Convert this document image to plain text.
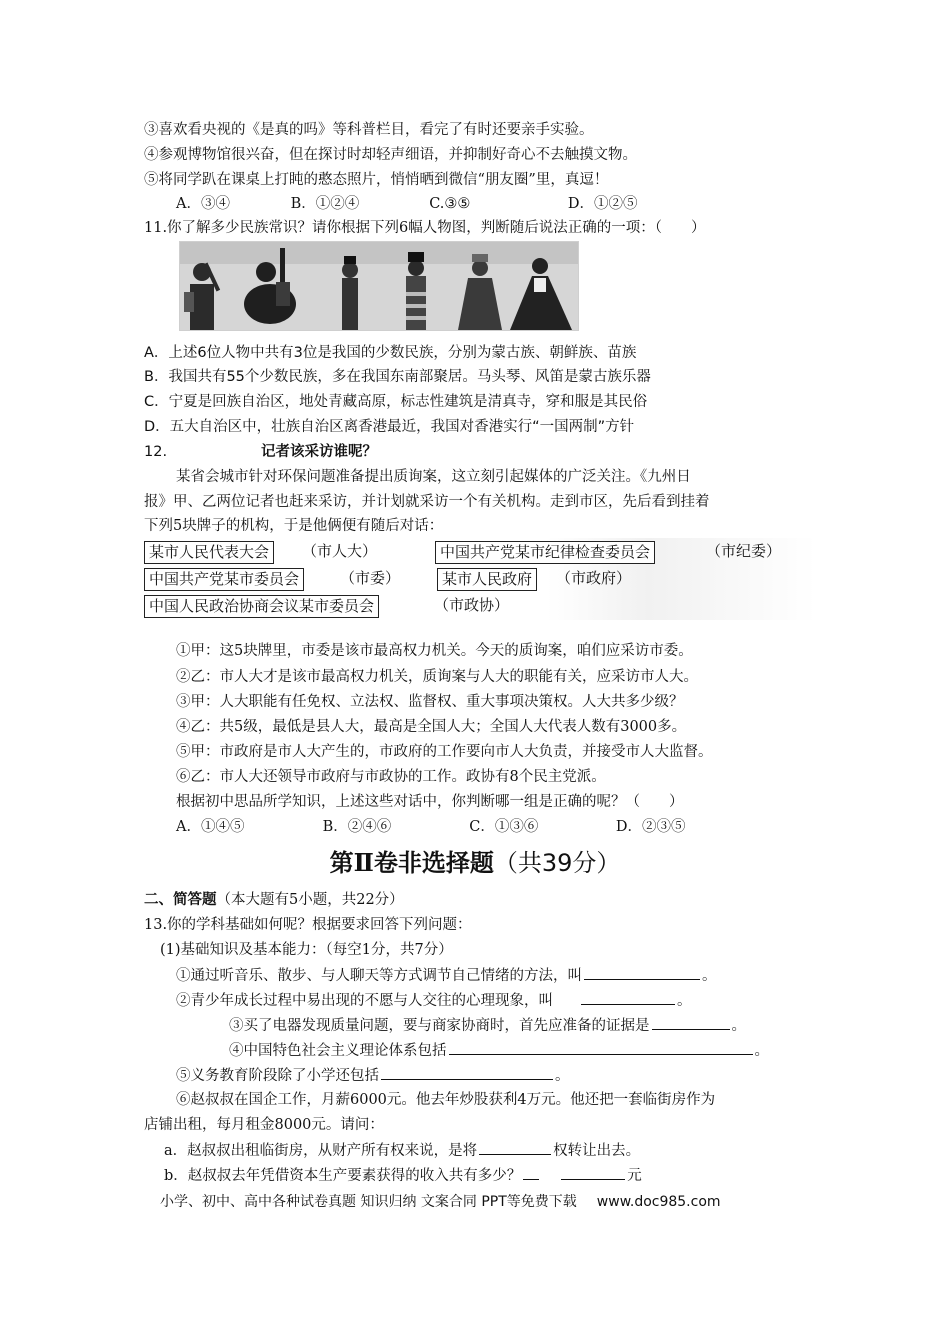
③喜欢看央视的《是真的吗》等科普栏目，看完了有时还要亲手实验。
④参观博物馆很兴奋，但在探讨时却轻声细语，并抑制好奇心不去触摸文物。
⑤将同学趴在课桌上打盹的憨态照片，悄悄晒到微信“朋友圈”里，真逗！
A．③④	B．①②④	C.③⑤	D．①②⑤
11.你了解多少民族常识？请你根据下列6幅人物图，判断随后说法正确的一项：（　　）
A．上述6位人物中共有3位是我国的少数民族，分别为蒙古族、朝鲜族、苗族
B．我国共有55个少数民族，多在我国东南部聚居。马头琴、风笛是蒙古族乐器
C．宁夏是回族自治区，地处青藏高原，标志性建筑是清真寺，穿和服是其民俗
D．五大自治区中，壮族自治区离香港最近，我国对香港实行“一国两制”方针
12.	记者该采访谁呢？
某省会城市针对环保问题准备提出质询案，这立刻引起媒体的广泛关注。《九州日
报》甲、乙两位记者也赶来采访，并计划就采访一个有关机构。走到市区，先后看到挂着
下列5块牌子的机构，于是他俩便有随后对话：
某市人民代表大会	（市人大）	中国共产党某市纪律检查委员会	（市纪委）
中国共产党某市委员会	（市委）	某市人民政府	（市政府）
中国人民政治协商会议某市委员会	（市政协）
①甲：这5块牌里，市委是该市最高权力机关。今天的质询案，咱们应采访市委。
②乙：市人大才是该市最高权力机关，质询案与人大的职能有关，应采访市人大。
③甲：人大职能有任免权、立法权、监督权、重大事项决策权。人大共多少级？
④乙：共5级，最低是县人大，最高是全国人大；全国人大代表人数有3000多。
⑤甲：市政府是市人大产生的，市政府的工作要向市人大负责，并接受市人大监督。
⑥乙：市人大还领导市政府与市政协的工作。政协有8个民主党派。
根据初中思品所学知识，上述这些对话中，你判断哪一组是正确的呢？（　　）
A．①④⑤	B．②④⑥	C．①③⑥	D．②③⑤
第Ⅱ卷非选择题（共39分）
二、简答题（本大题有5小题，共22分）
13.你的学科基础如何呢？根据要求回答下列问题：
(1)基础知识及基本能力：（每空1分，共7分）
①通过听音乐、散步、与人聊天等方式调节自己情绪的方法，叫	。
②青少年成长过程中易出现的不愿与人交往的心理现象，叫	。
③买了电器发现质量问题，要与商家协商时，首先应准备的证据是	。
④中国特色社会主义理论体系包括	。
⑤义务教育阶段除了小学还包括	。
⑥赵叔叔在国企工作，月薪6000元。他去年炒股获利4万元。他还把一套临街房作为
店铺出租，每月租金8000元。请问：
a．赵叔叔出租临街房，从财产所有权来说，是将	权转让出去。
b．赵叔叔去年凭借资本生产要素获得的收入共有多少？	元
小学、初中、高中各种试卷真题 知识归纳 文案合同 PPT等免费下载 www.doc985.com
